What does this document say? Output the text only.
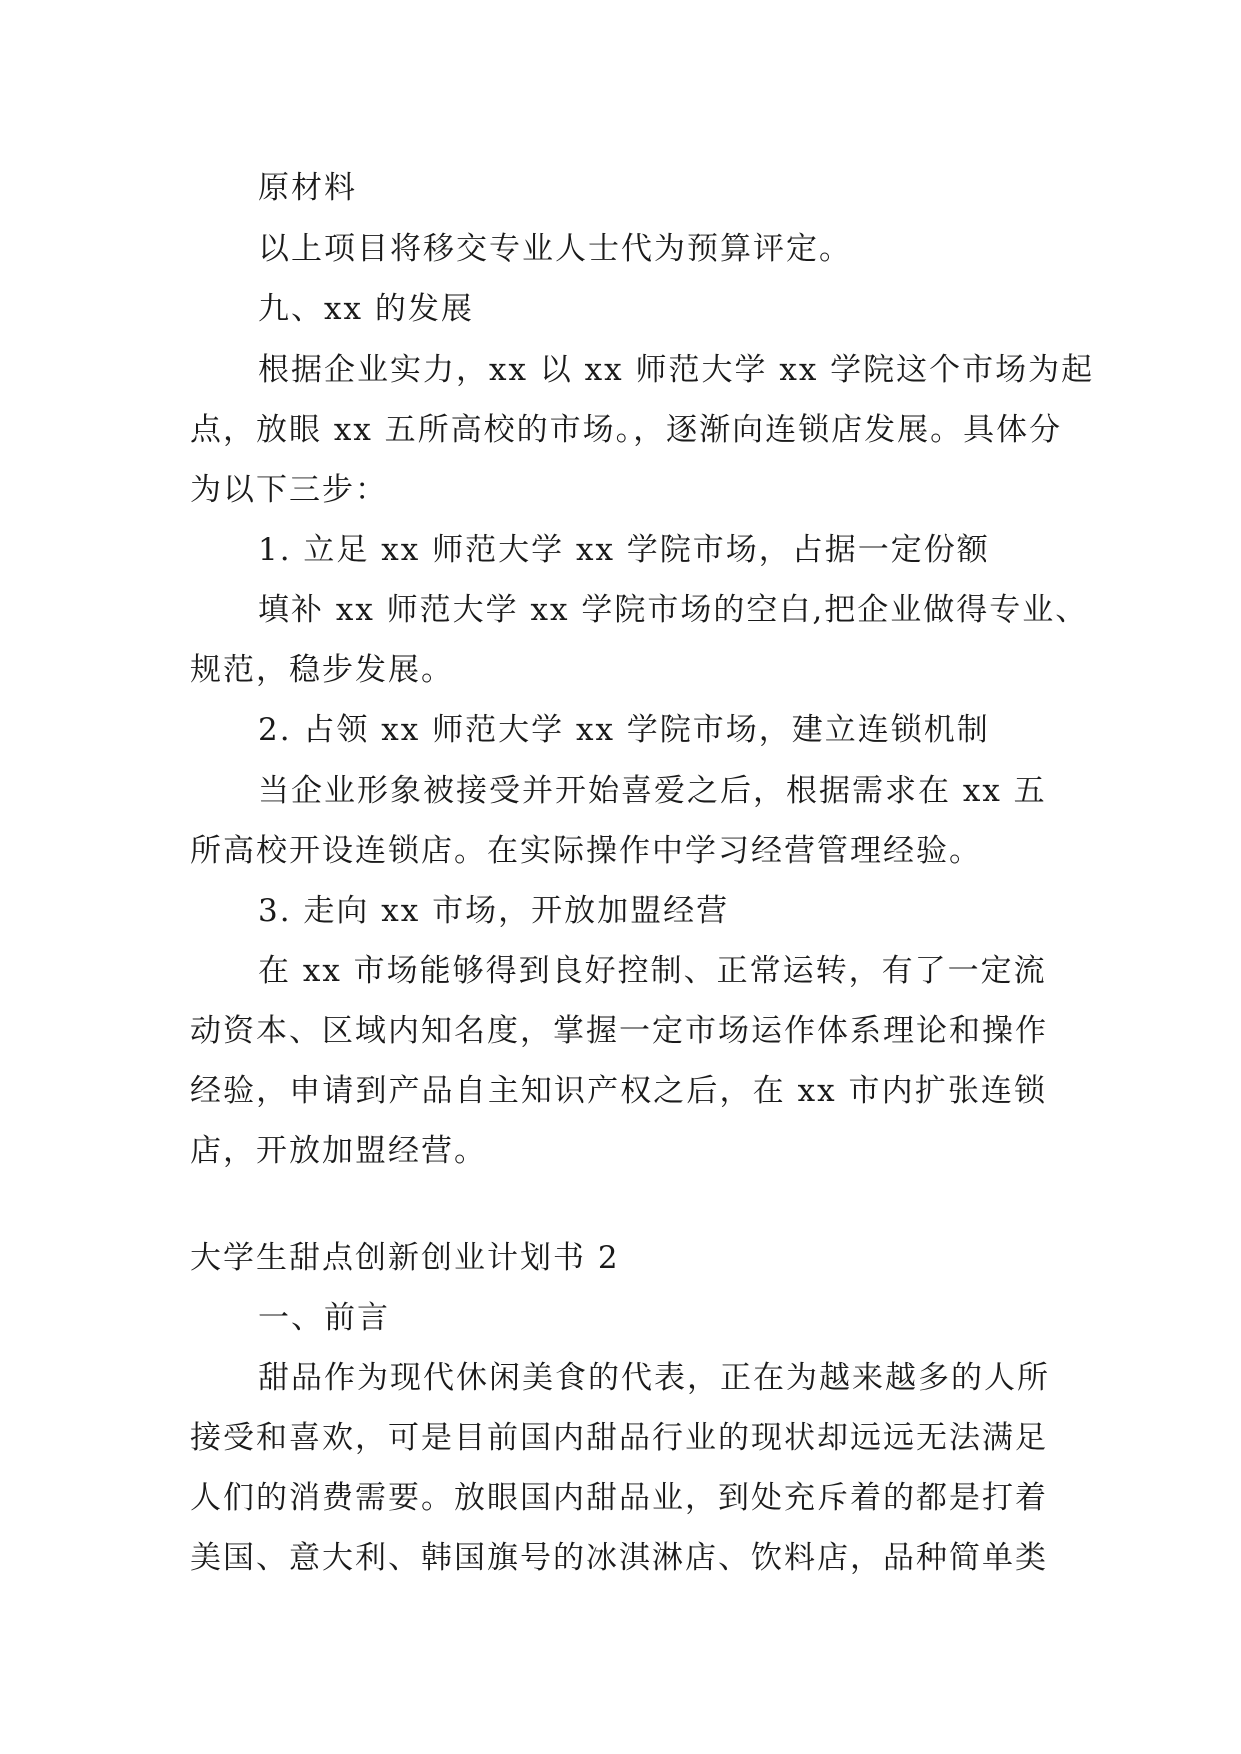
原材料
以上项目将移交专业人士代为预算评定。
九、xx 的发展
根据企业实力，xx 以 xx 师范大学 xx 学院这个市场为起
点，放眼 xx 五所高校的市场。，逐渐向连锁店发展。具体分
为以下三步：
1. 立足 xx 师范大学 xx 学院市场，占据一定份额
填补 xx 师范大学 xx 学院市场的空白,把企业做得专业、
规范，稳步发展。
2. 占领 xx 师范大学 xx 学院市场，建立连锁机制
当企业形象被接受并开始喜爱之后，根据需求在 xx 五
所高校开设连锁店。在实际操作中学习经营管理经验。
3. 走向 xx 市场，开放加盟经营
在 xx 市场能够得到良好控制、正常运转，有了一定流
动资本、区域内知名度，掌握一定市场运作体系理论和操作
经验，申请到产品自主知识产权之后，在 xx 市内扩张连锁
店，开放加盟经营。
大学生甜点创新创业计划书 2
一、前言
甜品作为现代休闲美食的代表，正在为越来越多的人所
接受和喜欢，可是目前国内甜品行业的现状却远远无法满足
人们的消费需要。放眼国内甜品业，到处充斥着的都是打着
美国、意大利、韩国旗号的冰淇淋店、饮料店，品种简单类
